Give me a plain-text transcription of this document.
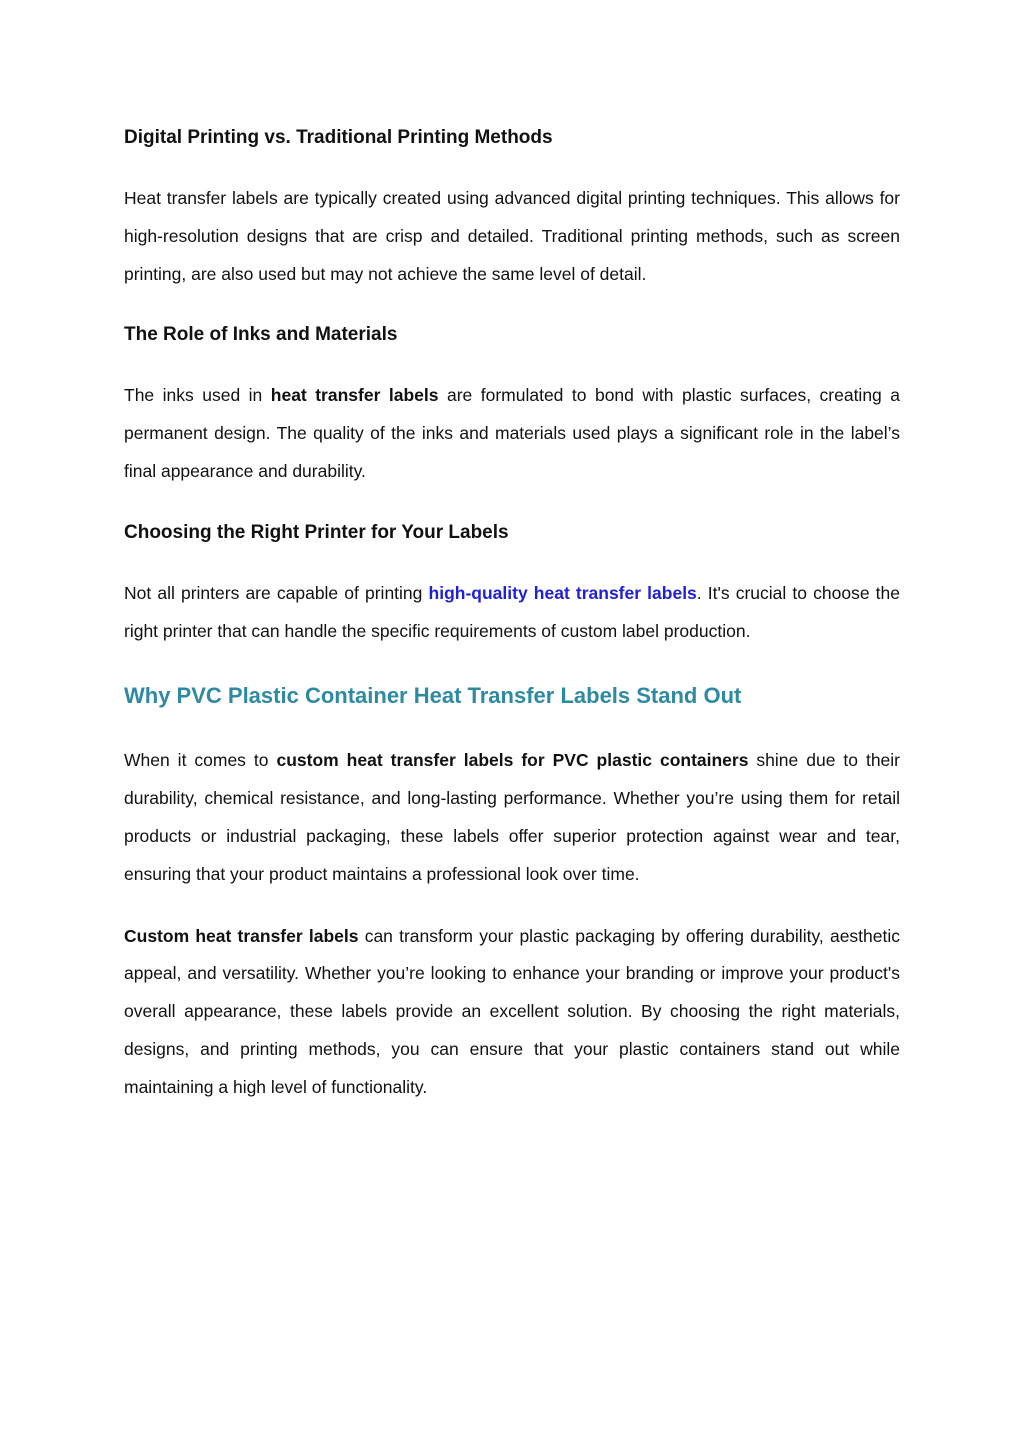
Digital Printing vs. Traditional Printing Methods

Heat transfer labels are typically created using advanced digital printing techniques. This allows for high-resolution designs that are crisp and detailed. Traditional printing methods, such as screen printing, are also used but may not achieve the same level of detail.

The Role of Inks and Materials

The inks used in heat transfer labels are formulated to bond with plastic surfaces, creating a permanent design. The quality of the inks and materials used plays a significant role in the label’s final appearance and durability.

Choosing the Right Printer for Your Labels

Not all printers are capable of printing high-quality heat transfer labels. It's crucial to choose the right printer that can handle the specific requirements of custom label production.

Why PVC Plastic Container Heat Transfer Labels Stand Out

When it comes to custom heat transfer labels for PVC plastic containers shine due to their durability, chemical resistance, and long-lasting performance. Whether you’re using them for retail products or industrial packaging, these labels offer superior protection against wear and tear, ensuring that your product maintains a professional look over time.

Custom heat transfer labels can transform your plastic packaging by offering durability, aesthetic appeal, and versatility. Whether you’re looking to enhance your branding or improve your product's overall appearance, these labels provide an excellent solution. By choosing the right materials, designs, and printing methods, you can ensure that your plastic containers stand out while maintaining a high level of functionality.
